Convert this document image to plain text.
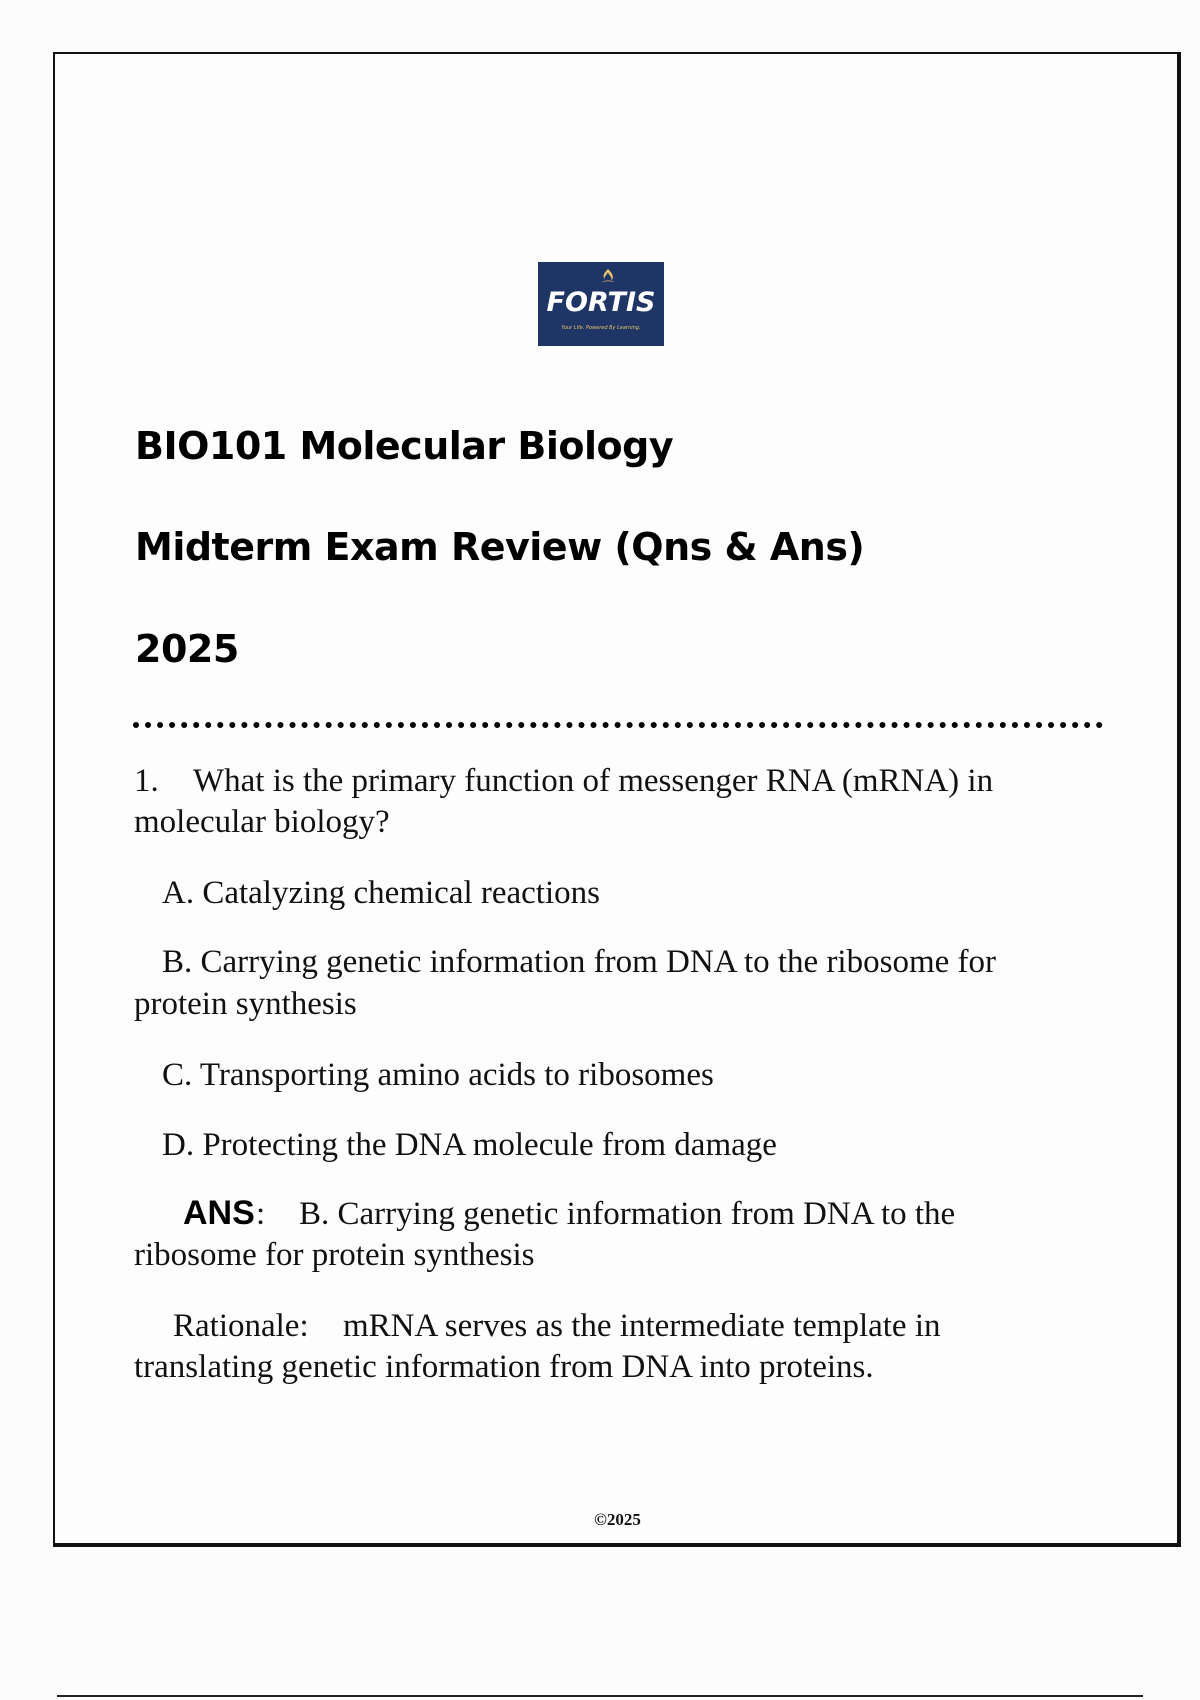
FORTIS
Your Life. Powered By Learning.
BIO101 Molecular Biology
Midterm Exam Review (Qns & Ans)
2025
1. What is the primary function of messenger RNA (mRNA) in
molecular biology?
A. Catalyzing chemical reactions
B. Carrying genetic information from DNA to the ribosome for
protein synthesis
C. Transporting amino acids to ribosomes
D. Protecting the DNA molecule from damage
ANS : B. Carrying genetic information from DNA to the
ribosome for protein synthesis
Rationale: mRNA serves as the intermediate template in
translating genetic information from DNA into proteins.
©2025
